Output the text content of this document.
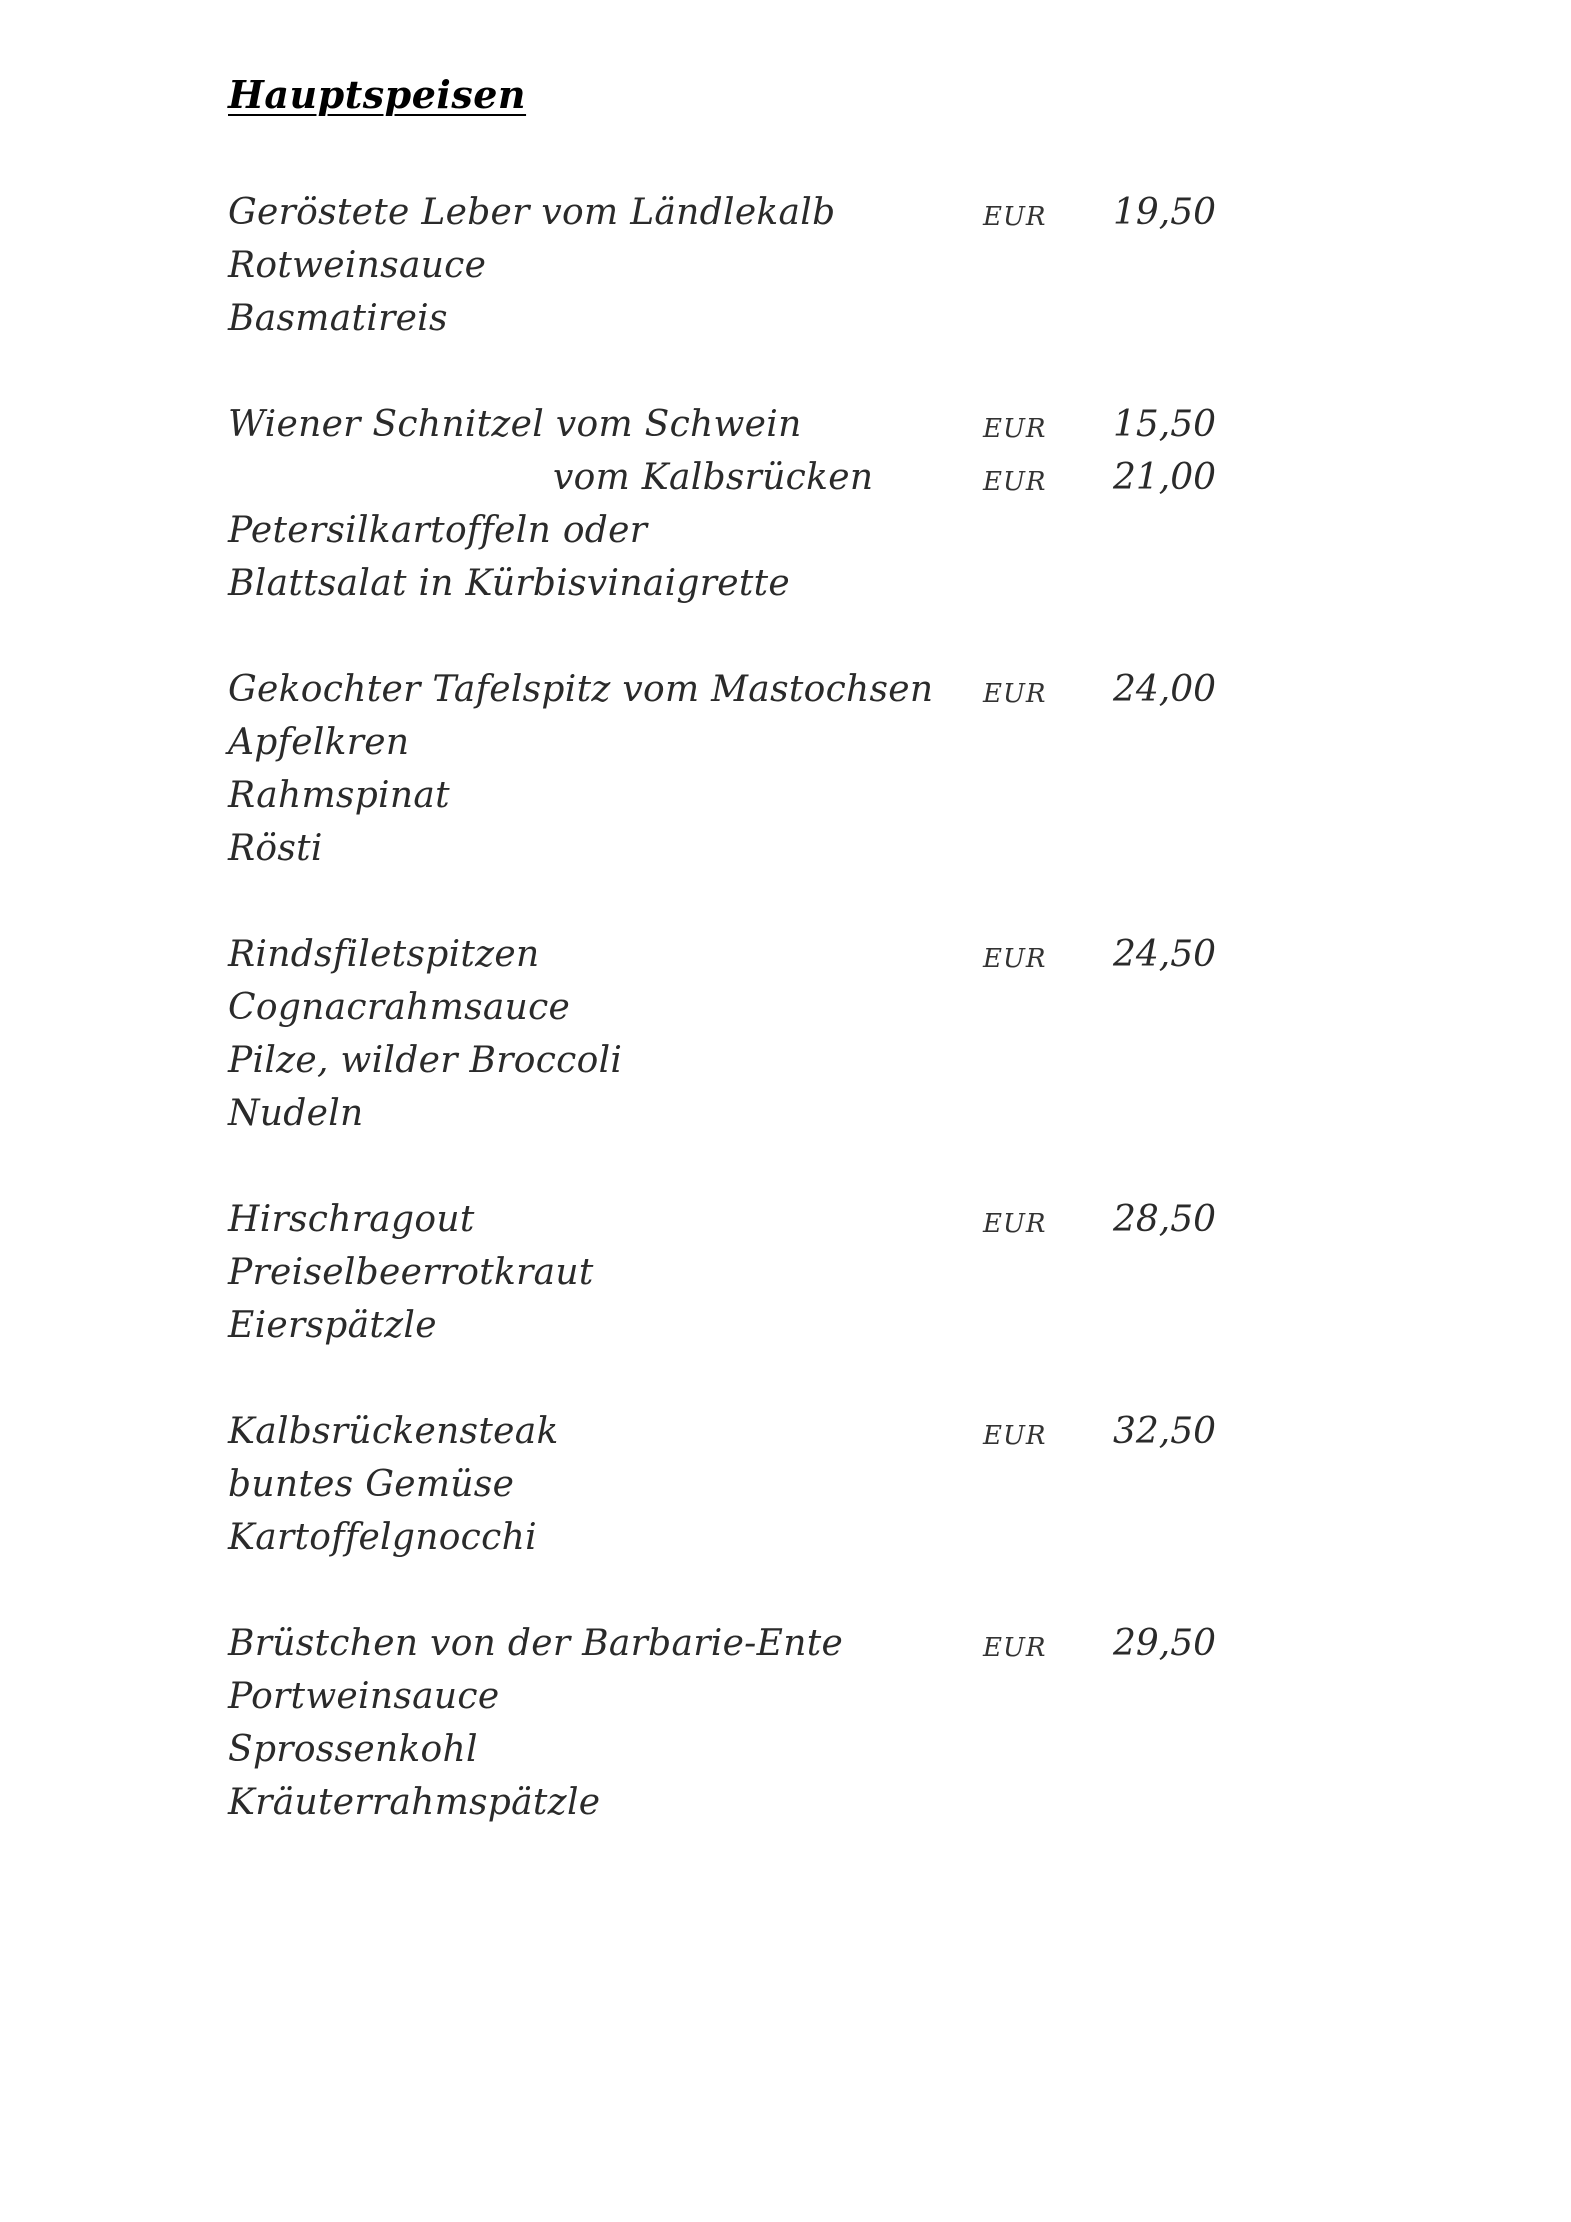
Hauptspeisen
Geröstete Leber vom Ländlekalb	EUR	19,50
Rotweinsauce
Basmatireis
Wiener Schnitzel vom Schwein	EUR	15,50
vom Kalbsrücken	EUR	21,00
Petersilkartoffeln oder
Blattsalat in Kürbisvinaigrette
Gekochter Tafelspitz vom Mastochsen EUR	24,00
Apfelkren
Rahmspinat
Rösti
Rindsfiletspitzen	EUR	24,50
Cognacrahmsauce
Pilze, wilder Broccoli
Nudeln
Hirschragout	EUR	28,50
Preiselbeerrotkraut
Eierspätzle
Kalbsrückensteak	EUR	32,50
buntes Gemüse
Kartoffelgnocchi
Brüstchen von der Barbarie-Ente	EUR	29,50
Portweinsauce
Sprossenkohl
Kräuterrahmspätzle
